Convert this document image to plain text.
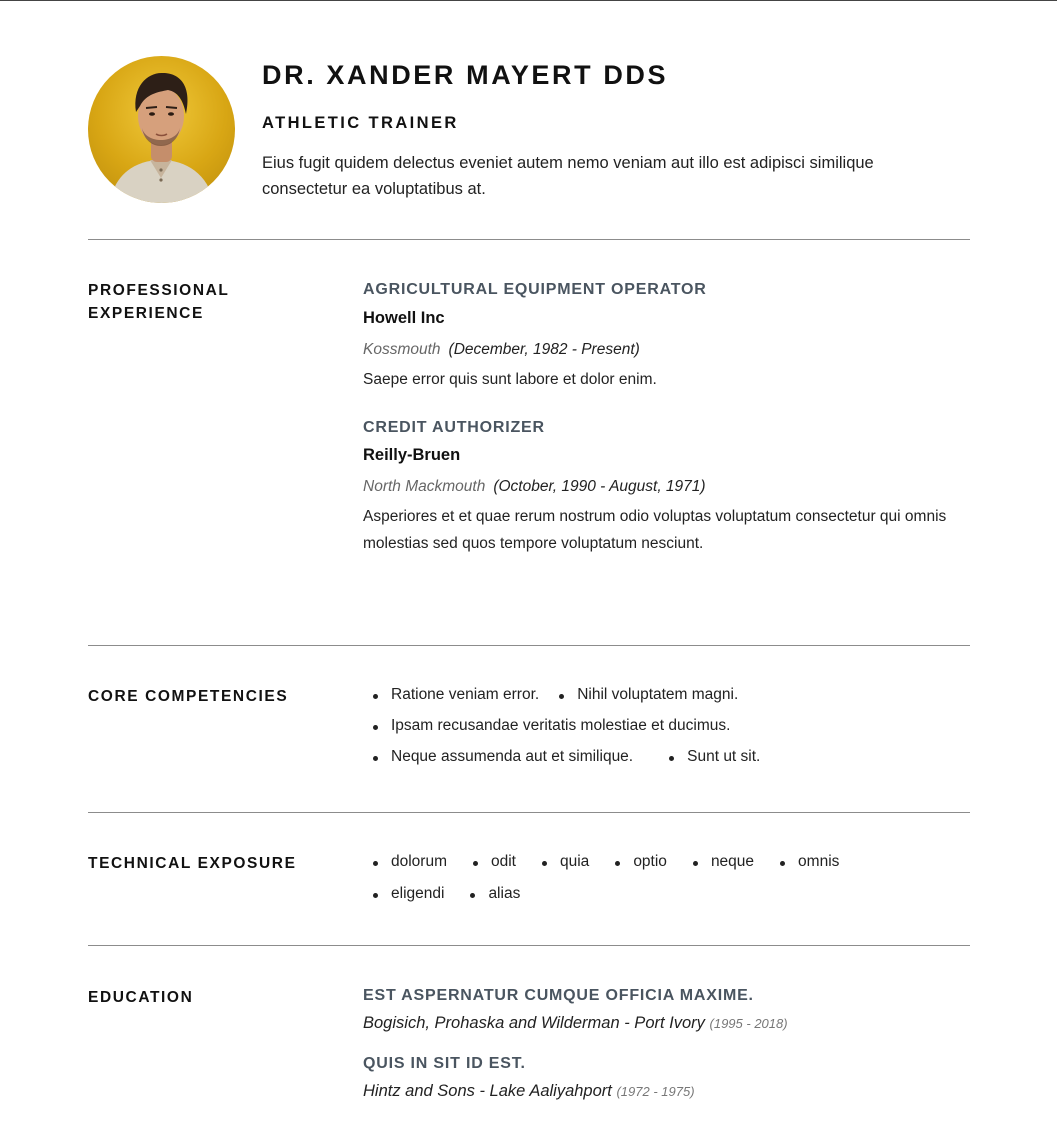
DR. XANDER MAYERT DDS
ATHLETIC TRAINER

Eius fugit quidem delectus eveniet autem nemo veniam aut illo est adipisci similique consectetur ea voluptatibus at.

PROFESSIONAL EXPERIENCE

AGRICULTURAL EQUIPMENT OPERATOR

Howell Inc

Kossmouth (December, 1982 - Present)

Saepe error quis sunt labore et dolor enim.

CREDIT AUTHORIZER

Reilly-Bruen

North Mackmouth (October, 1990 - August, 1971)

Asperiores et et quae rerum nostrum odio voluptas voluptatum consectetur qui omnis molestias sed quos tempore voluptatum nesciunt.

CORE COMPETENCIES	Ratione veniam error. Nihil voluptatem magni.
Ipsam recusandae veritatis molestiae et ducimus.
Neque assumenda aut et similique.	Sunt ut sit.
TECHNICAL EXPOSURE	dolorum	odit	quia	optio	neque	omnis
eligendi	alias
EDUCATION	EST ASPERNATUR CUMQUE OFFICIA MAXIME.

Bogisich, Prohaska and Wilderman - Port Ivory (1995 - 2018)

QUIS IN SIT ID EST.

Hintz and Sons - Lake Aaliyahport (1972 - 1975)
